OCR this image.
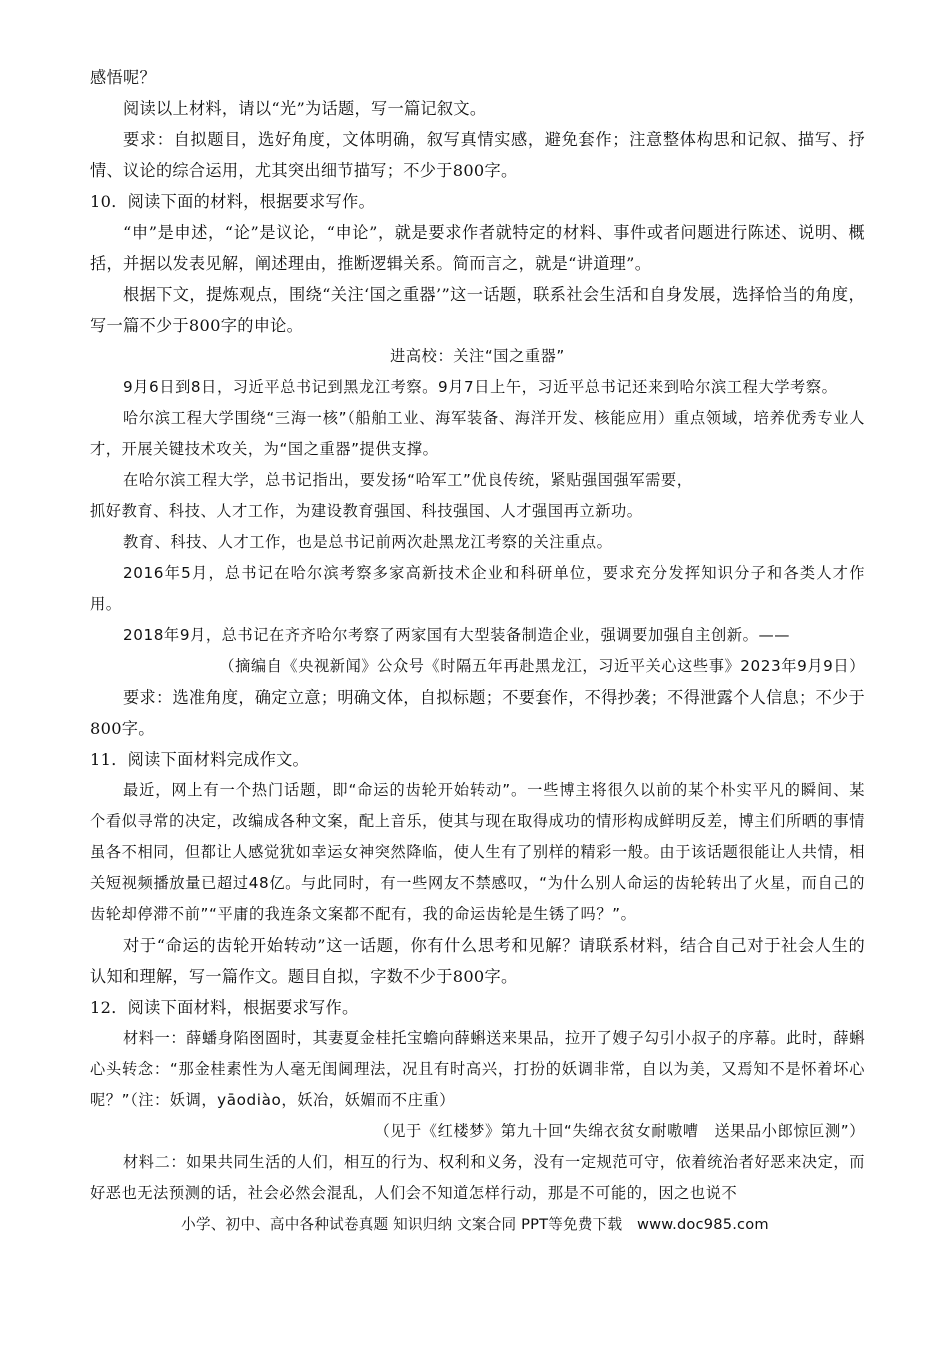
感悟呢？

阅读以上材料，请以“光”为话题，写一篇记叙文。

要求：自拟题目，选好角度，文体明确，叙写真情实感，避免套作；注意整体构思和记叙、描写、抒情、议论的综合运用，尤其突出细节描写；不少于800字。

10．阅读下面的材料，根据要求写作。

“申”是申述，“论”是议论，“申论”，就是要求作者就特定的材料、事件或者问题进行陈述、说明、概括，并据以发表见解，阐述理由，推断逻辑关系。简而言之，就是“讲道理”。

根据下文，提炼观点，围绕“关注‘国之重器’”这一话题，联系社会生活和自身发展，选择恰当的角度，写一篇不少于800字的申论。

进高校：关注“国之重器”

9月6日到8日，习近平总书记到黑龙江考察。9月7日上午，习近平总书记还来到哈尔滨工程大学考察。

哈尔滨工程大学围绕“三海一核”（船舶工业、海军装备、海洋开发、核能应用）重点领域，培养优秀专业人才，开展关键技术攻关，为“国之重器”提供支撑。

在哈尔滨工程大学，总书记指出，要发扬“哈军工”优良传统，紧贴强国强军需要，

抓好教育、科技、人才工作，为建设教育强国、科技强国、人才强国再立新功。

教育、科技、人才工作，也是总书记前两次赴黑龙江考察的关注重点。

2016年5月，总书记在哈尔滨考察多家高新技术企业和科研单位，要求充分发挥知识分子和各类人才作用。

2018年9月，总书记在齐齐哈尔考察了两家国有大型装备制造企业，强调要加强自主创新。——

（摘编自《央视新闻》公众号《时隔五年再赴黑龙江，习近平关心这些事》2023年9月9日）

要求：选准角度，确定立意；明确文体，自拟标题；不要套作，不得抄袭；不得泄露个人信息；不少于800字。

11．阅读下面材料完成作文。

最近，网上有一个热门话题，即“命运的齿轮开始转动”。一些博主将很久以前的某个朴实平凡的瞬间、某个看似寻常的决定，改编成各种文案，配上音乐，使其与现在取得成功的情形构成鲜明反差，博主们所晒的事情虽各不相同，但都让人感觉犹如幸运女神突然降临，使人生有了别样的精彩一般。由于该话题很能让人共情，相关短视频播放量已超过48亿。与此同时，有一些网友不禁感叹，“为什么别人命运的齿轮转出了火星，而自己的齿轮却停滞不前”“平庸的我连条文案都不配有，我的命运齿轮是生锈了吗？”。

对于“命运的齿轮开始转动”这一话题，你有什么思考和见解？请联系材料，结合自己对于社会人生的认知和理解，写一篇作文。题目自拟，字数不少于800字。

12．阅读下面材料，根据要求写作。

材料一：薛蟠身陷囹圄时，其妻夏金桂托宝蟾向薛蝌送来果品，拉开了嫂子勾引小叔子的序幕。此时，薛蝌心头转念：“那金桂素性为人毫无闺阃理法，况且有时高兴，打扮的妖调非常，自以为美，又焉知不是怀着坏心呢？”（注：妖调，yāodiào，妖冶，妖媚而不庄重）

（见于《红楼梦》第九十回“失绵衣贫女耐嗷嘈　送果品小郎惊叵测”）

材料二：如果共同生活的人们，相互的行为、权利和义务，没有一定规范可守，依着统治者好恶来决定，而好恶也无法预测的话，社会必然会混乱，人们会不知道怎样行动，那是不可能的，因之也说不

小学、初中、高中各种试卷真题 知识归纳 文案合同 PPT等免费下载　www.doc985.com
